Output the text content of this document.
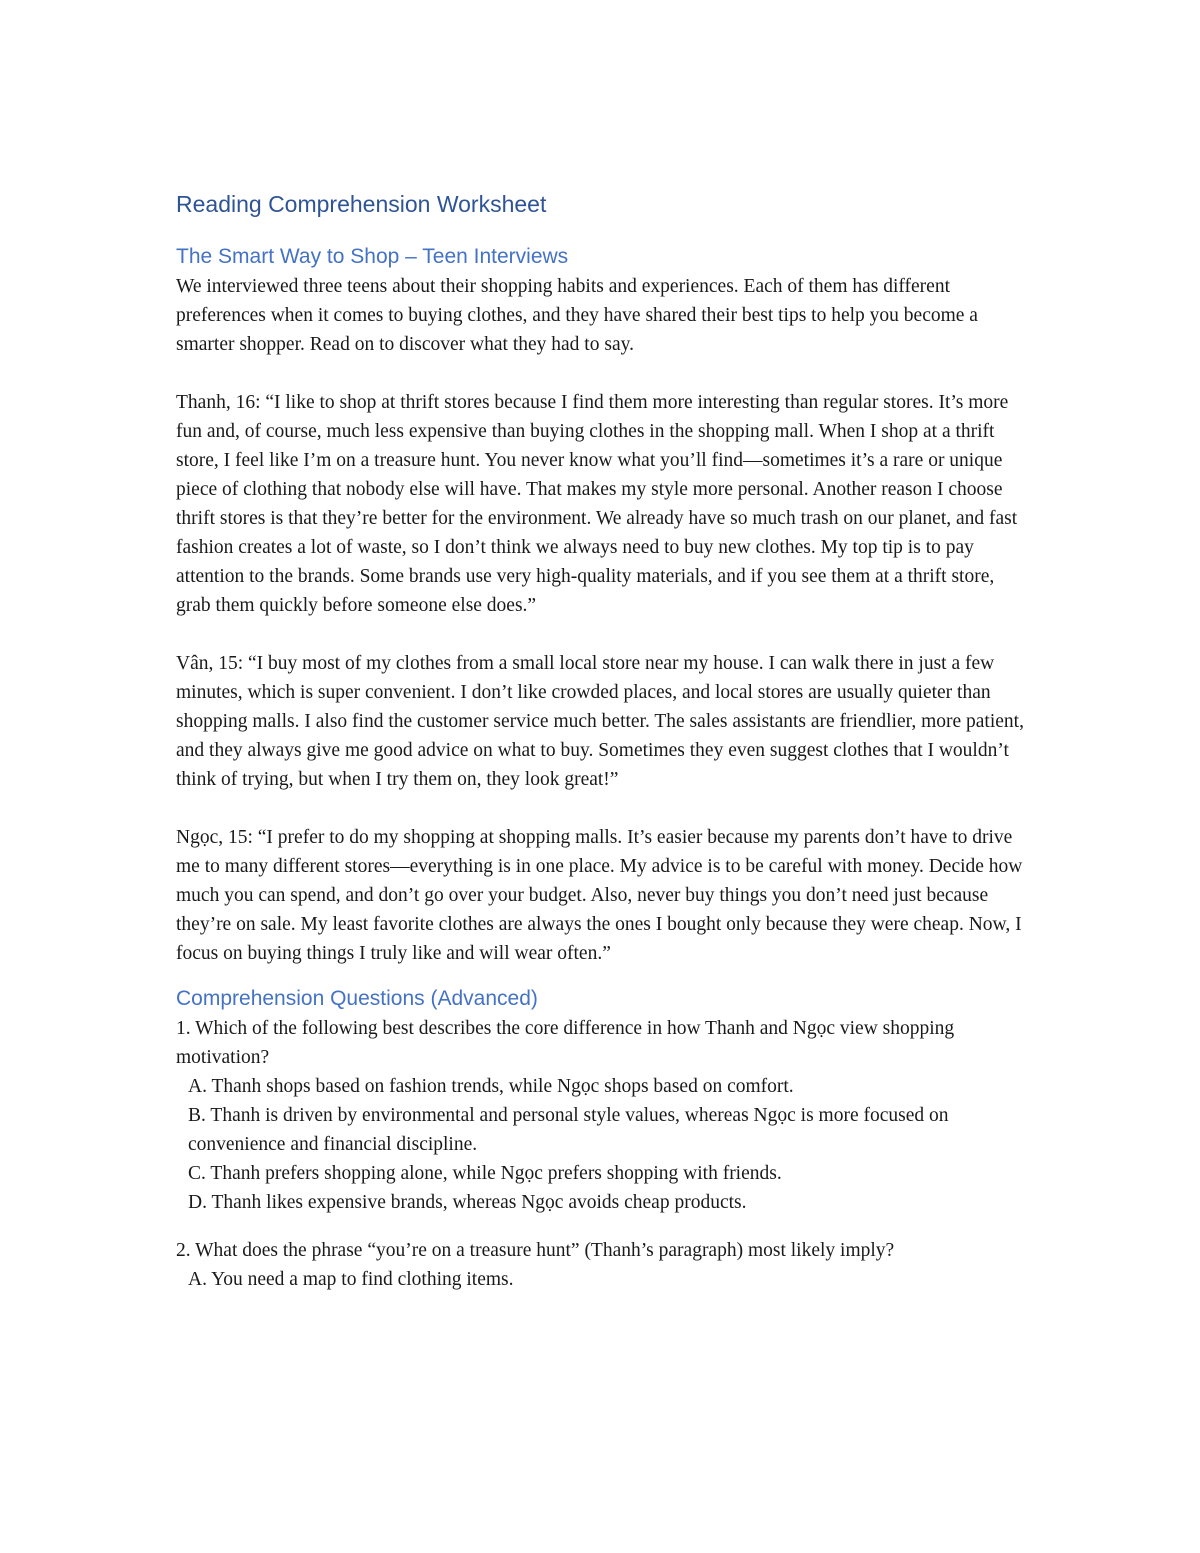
Reading Comprehension Worksheet
The Smart Way to Shop – Teen Interviews

We interviewed three teens about their shopping habits and experiences. Each of them has different preferences when it comes to buying clothes, and they have shared their best tips to help you become a smarter shopper. Read on to discover what they had to say.

Thanh, 16: “I like to shop at thrift stores because I find them more interesting than regular stores. It’s more fun and, of course, much less expensive than buying clothes in the shopping mall. When I shop at a thrift store, I feel like I’m on a treasure hunt. You never know what you’ll find—sometimes it’s a rare or unique piece of clothing that nobody else will have. That makes my style more personal. Another reason I choose thrift stores is that they’re better for the environment. We already have so much trash on our planet, and fast fashion creates a lot of waste, so I don’t think we always need to buy new clothes. My top tip is to pay attention to the brands. Some brands use very high-quality materials, and if you see them at a thrift store, grab them quickly before someone else does.”

Vân, 15: “I buy most of my clothes from a small local store near my house. I can walk there in just a few minutes, which is super convenient. I don’t like crowded places, and local stores are usually quieter than shopping malls. I also find the customer service much better. The sales assistants are friendlier, more patient, and they always give me good advice on what to buy. Sometimes they even suggest clothes that I wouldn’t think of trying, but when I try them on, they look great!”

Ngọc, 15: “I prefer to do my shopping at shopping malls. It’s easier because my parents don’t have to drive me to many different stores—everything is in one place. My advice is to be careful with money. Decide how much you can spend, and don’t go over your budget. Also, never buy things you don’t need just because they’re on sale. My least favorite clothes are always the ones I bought only because they were cheap. Now, I focus on buying things I truly like and will wear often.”

Comprehension Questions (Advanced)

1. Which of the following best describes the core difference in how Thanh and Ngọc view shopping motivation?

A. Thanh shops based on fashion trends, while Ngọc shops based on comfort.

B. Thanh is driven by environmental and personal style values, whereas Ngọc is more focused on convenience and financial discipline.

C. Thanh prefers shopping alone, while Ngọc prefers shopping with friends.

D. Thanh likes expensive brands, whereas Ngọc avoids cheap products.

2. What does the phrase “you’re on a treasure hunt” (Thanh’s paragraph) most likely imply?

A. You need a map to find clothing items.
